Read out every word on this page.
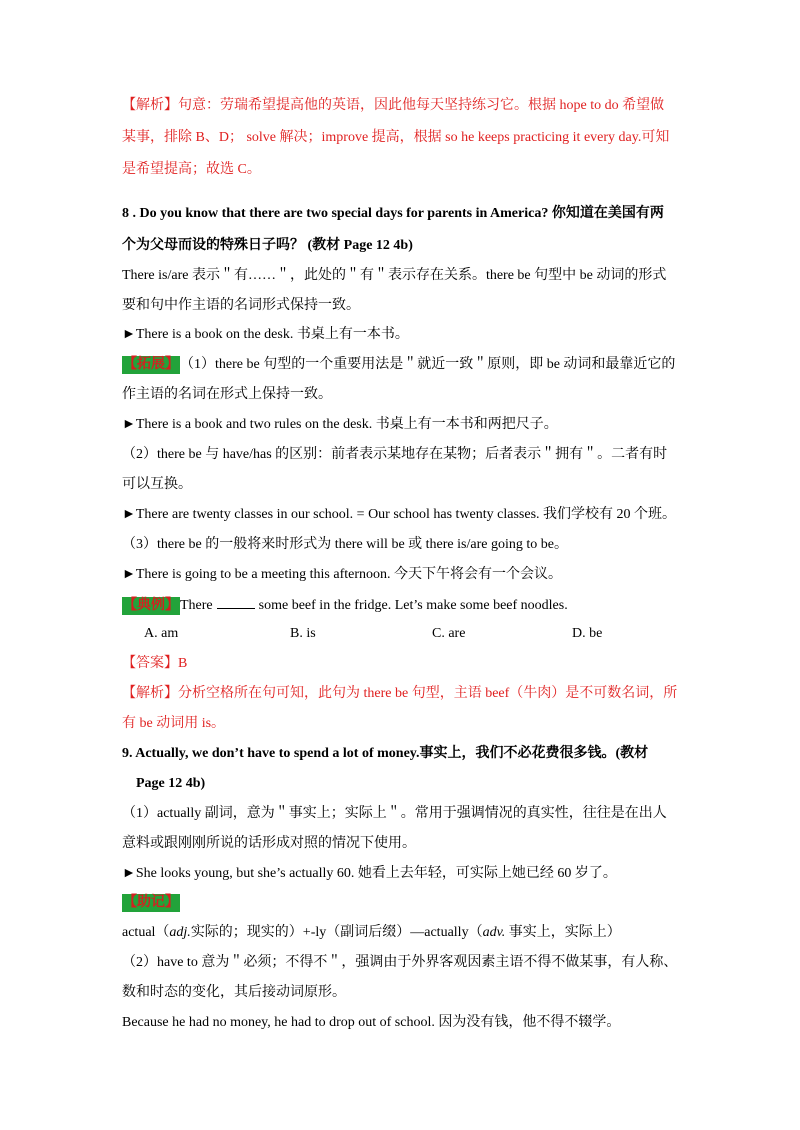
【解析】句意：劳瑞希望提高他的英语，因此他每天坚持练习它。根据 hope to do 希望做
某事，排除 B、D； solve 解决；improve 提高，根据 so he keeps practicing it every day.可知
是希望提高；故选 C。
8 . Do you know that there are two special days for parents in America? 你知道在美国有两
个为父母而设的特殊日子吗？ (教材 Page 12 4b)
There is/are 表示＂有……＂，此处的＂有＂表示存在关系。there be 句型中 be 动词的形式
要和句中作主语的名词形式保持一致。
►There is a book on the desk. 书桌上有一本书。
【拓展】（1）there be 句型的一个重要用法是＂就近一致＂原则，即 be 动词和最靠近它的
作主语的名词在形式上保持一致。
►There is a book and two rules on the desk. 书桌上有一本书和两把尺子。
（2）there be 与 have/has 的区别：前者表示某地存在某物；后者表示＂拥有＂。二者有时
可以互换。
►There are twenty classes in our school. = Our school has twenty classes. 我们学校有 20 个班。
（3）there be 的一般将来时形式为 there will be 或 there is/are going to be。
►There is going to be a meeting this afternoon. 今天下午将会有一个会议。
【典例】There	some beef in the fridge. Let’s make some beef noodles.
A. am	B. is	C. are	D. be
【答案】B
【解析】分析空格所在句可知，此句为 there be 句型，主语 beef（牛肉）是不可数名词，所
有 be 动词用 is。
9. Actually, we don’t have to spend a lot of money.事实上，我们不必花费很多钱。(教材
Page 12 4b)
（1）actually 副词，意为＂事实上；实际上＂。常用于强调情况的真实性，往往是在出人
意料或跟刚刚所说的话形成对照的情况下使用。
►She looks young, but she’s actually 60. 她看上去年轻，可实际上她已经 60 岁了。
【助记】
actual（adj.实际的；现实的）+-ly（副词后缀）—actually（adv. 事实上，实际上）
（2）have to 意为＂必须；不得不＂，强调由于外界客观因素主语不得不做某事，有人称、
数和时态的变化，其后接动词原形。
Because he had no money, he had to drop out of school. 因为没有钱，他不得不辍学。
